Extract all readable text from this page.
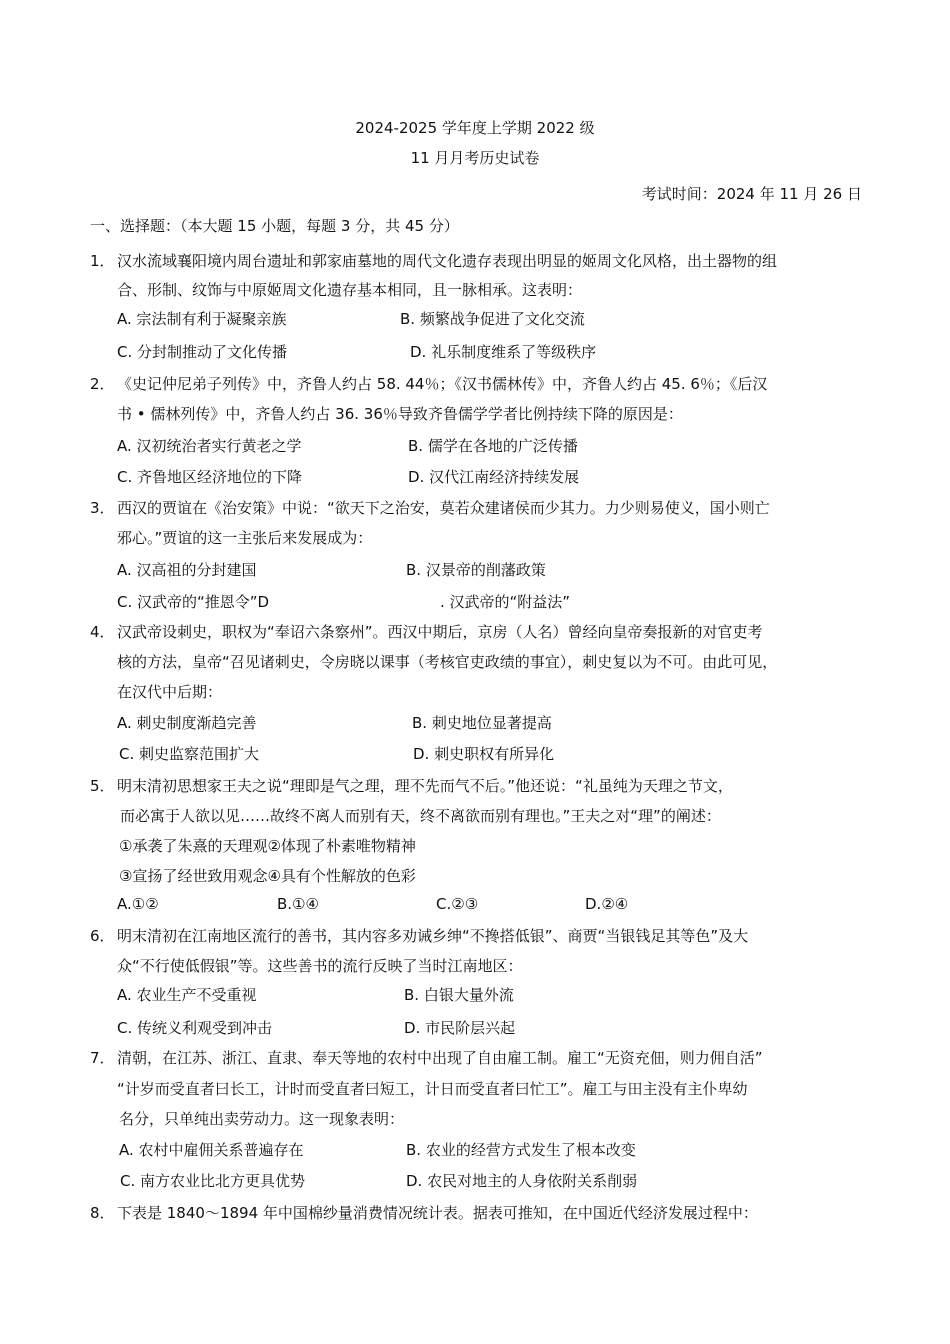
2024-2025 学年度上学期 2022 级
11 月月考历史试卷
考试时间：2024 年 11 月 26 日
一、选择题：（本大题 15 小题，每题 3 分，共 45 分）
1． 汉水流域襄阳境内周台遗址和郭家庙墓地的周代文化遗存表现出明显的姬周文化风格，出土器物的组
合、形制、纹饰与中原姬周文化遗存基本相同，且一脉相承。这表明：
A. 宗法制有利于凝聚亲族	B. 频繁战争促进了文化交流
C. 分封制推动了文化传播	D. 礼乐制度维系了等级秩序
2． 《史记仲尼弟子列传》中，齐鲁人约占 58. 44％；《汉书儒林传》中，齐鲁人约占 45. 6％；《后汉
书 • 儒林列传》中，齐鲁人约占 36. 36％导致齐鲁儒学学者比例持续下降的原因是：
A. 汉初统治者实行黄老之学	B. 儒学在各地的广泛传播
C. 齐鲁地区经济地位的下降	D. 汉代江南经济持续发展
3． 西汉的贾谊在《治安策》中说：“欲天下之治安，莫若众建诸侯而少其力。力少则易使义，国小则亡
邪心。”贾谊的这一主张后来发展成为：
A. 汉高祖的分封建国	B. 汉景帝的削藩政策
C. 汉武帝的“推恩令”D	. 汉武帝的“附益法”
4． 汉武帝设刺史，职权为“奉诏六条察州”。西汉中期后，京房（人名）曾经向皇帝奏报新的对官吏考
核的方法，皇帝“召见诸刺史，令房晓以课事（考核官吏政绩的事宜），刺史复以为不可。由此可见，
在汉代中后期：
A. 刺史制度渐趋完善	B. 刺史地位显著提高
C. 刺史监察范围扩大	D. 刺史职权有所异化
5． 明末清初思想家王夫之说“理即是气之理，理不先而气不后。”他还说：“礼虽纯为天理之节文，
而必寓于人欲以见……故终不离人而别有天，终不离欲而别有理也。”王夫之对“理”的阐述：
①承袭了朱熹的天理观②体现了朴素唯物精神
③宣扬了经世致用观念④具有个性解放的色彩
A.①②	B.①④	C.②③	D.②④
6． 明末清初在江南地区流行的善书，其内容多劝诫乡绅“不搀搭低银”、商贾“当银钱足其等色”及大
众“不行使低假银”等。这些善书的流行反映了当时江南地区：
A. 农业生产不受重视	B. 白银大量外流
C. 传统义利观受到冲击	D. 市民阶层兴起
7． 清朝，在江苏、浙江、直隶、奉天等地的农村中出现了自由雇工制。雇工“无资充佃，则力佣自活”
“计岁而受直者曰长工，计时而受直者曰短工，计日而受直者曰忙工”。雇工与田主没有主仆卑幼
名分，只单纯出卖劳动力。这一现象表明：
A. 农村中雇佣关系普遍存在	B. 农业的经营方式发生了根本改变
C. 南方农业比北方更具优势	D. 农民对地主的人身依附关系削弱
8． 下表是 1840～1894 年中国棉纱量消费情况统计表。据表可推知，在中国近代经济发展过程中：
